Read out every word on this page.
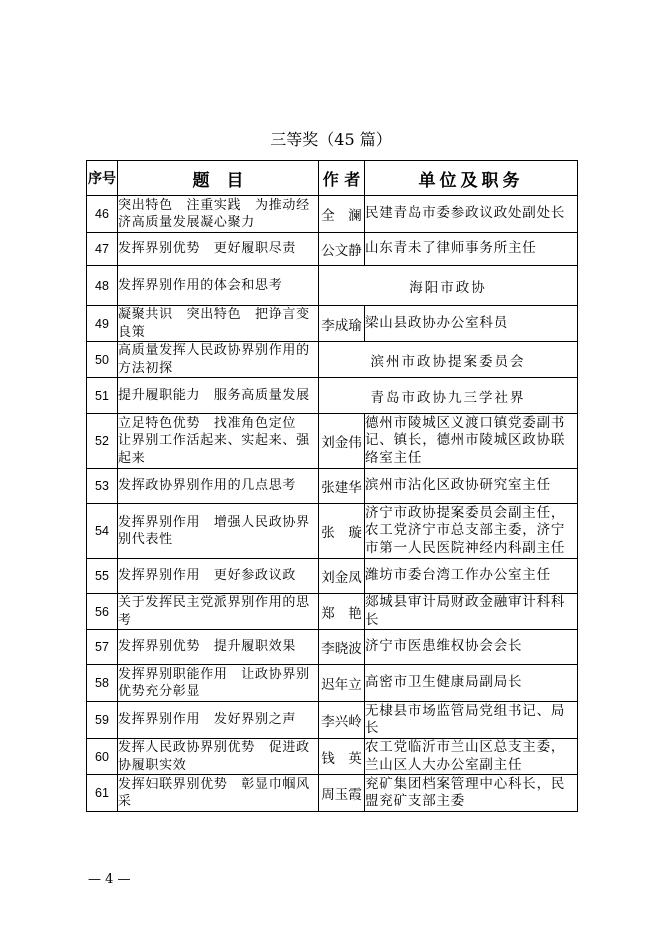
三等奖（45 篇）
序号	题　目	作 者	单位及职务
46	突出特色　注重实践　为推动经济高质量发展凝心聚力	全　澜	民建青岛市委参政议政处副处长
47	发挥界别优势　更好履职尽责	公文静	山东青未了律师事务所主任
48	发挥界别作用的体会和思考	海阳市政协	
49	凝聚共识　突出特色　把诤言变良策	李成瑜	梁山县政协办公室科员
50	高质量发挥人民政协界别作用的方法初探	滨州市政协提案委员会	
51	提升履职能力　服务高质量发展	青岛市政协九三学社界	
52	立足特色优势　找准角色定位　让界别工作活起来、实起来、强起来	刘金伟	德州市陵城区义渡口镇党委副书记、镇长，德州市陵城区政协联络室主任
53	发挥政协界别作用的几点思考	张建华	滨州市沾化区政协研究室主任
54	发挥界别作用　增强人民政协界别代表性	张　璇	济宁市政协提案委员会副主任，农工党济宁市总支部主委，济宁市第一人民医院神经内科副主任
55	发挥界别作用　更好参政议政	刘金凤	潍坊市委台湾工作办公室主任
56	关于发挥民主党派界别作用的思考	郑　艳	郯城县审计局财政金融审计科科长
57	发挥界别优势　提升履职效果	李晓波	济宁市医患维权协会会长
58	发挥界别职能作用　让政协界别优势充分彰显	迟年立	高密市卫生健康局副局长
59	发挥界别作用　发好界别之声	李兴岭	无棣县市场监管局党组书记、局长
60	发挥人民政协界别优势　促进政协履职实效	钱　英	农工党临沂市兰山区总支主委，兰山区人大办公室副主任
61	发挥妇联界别优势　彰显巾帼风采	周玉霞	兖矿集团档案管理中心科长，民盟兖矿支部主委
— 4 —
